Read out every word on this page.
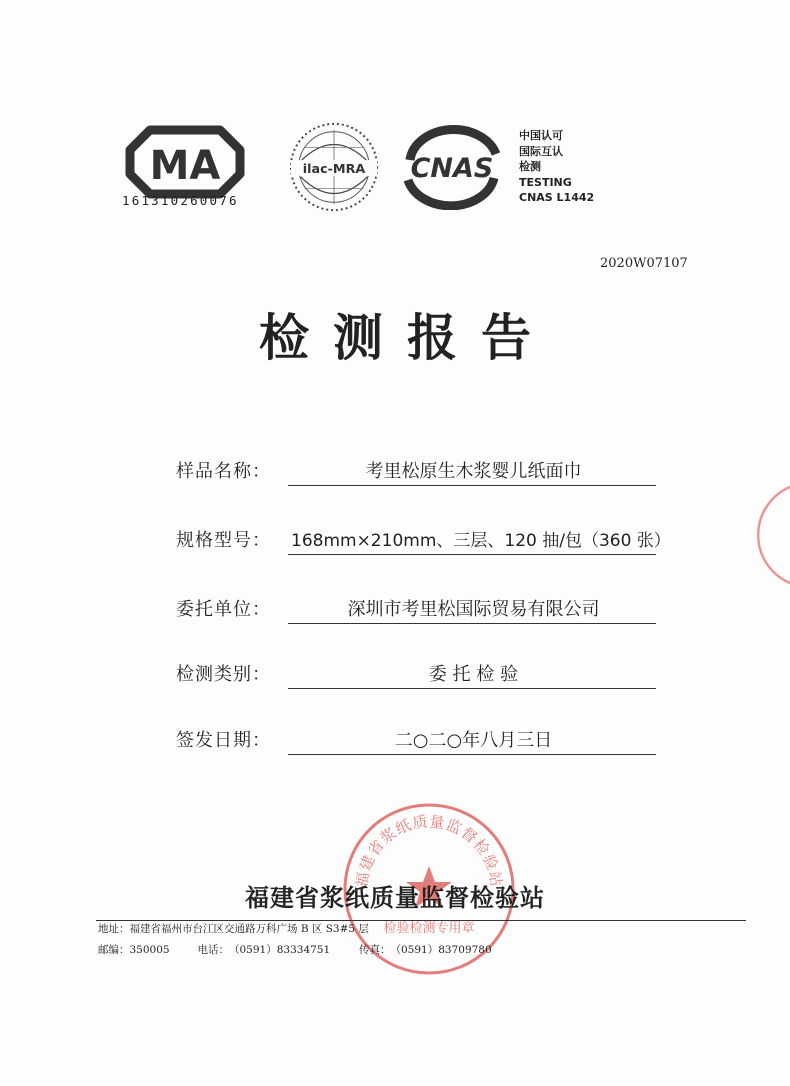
MA
161310260076
ilac-MRA CNAS
中国认可
国际互认
检测
TESTING
CNAS L1442
2020W07107
检测报告
样品名称：	考里松原生木浆婴儿纸面巾
规格型号： 168mm×210mm、三层、120 抽/包（360 张）
委托单位：	深圳市考里松国际贸易有限公司
检测类别：	委 托 检 验
签发日期：	二○二○年八月三日
福建省浆纸质量监督检验站
检验检测专用章
福建省浆纸质量监督检验站
地址：福建省福州市台江区交通路万科广场 B 区 S3#5 层
邮编：350005	电话：（0591）83334751	传真：（0591）83709780
